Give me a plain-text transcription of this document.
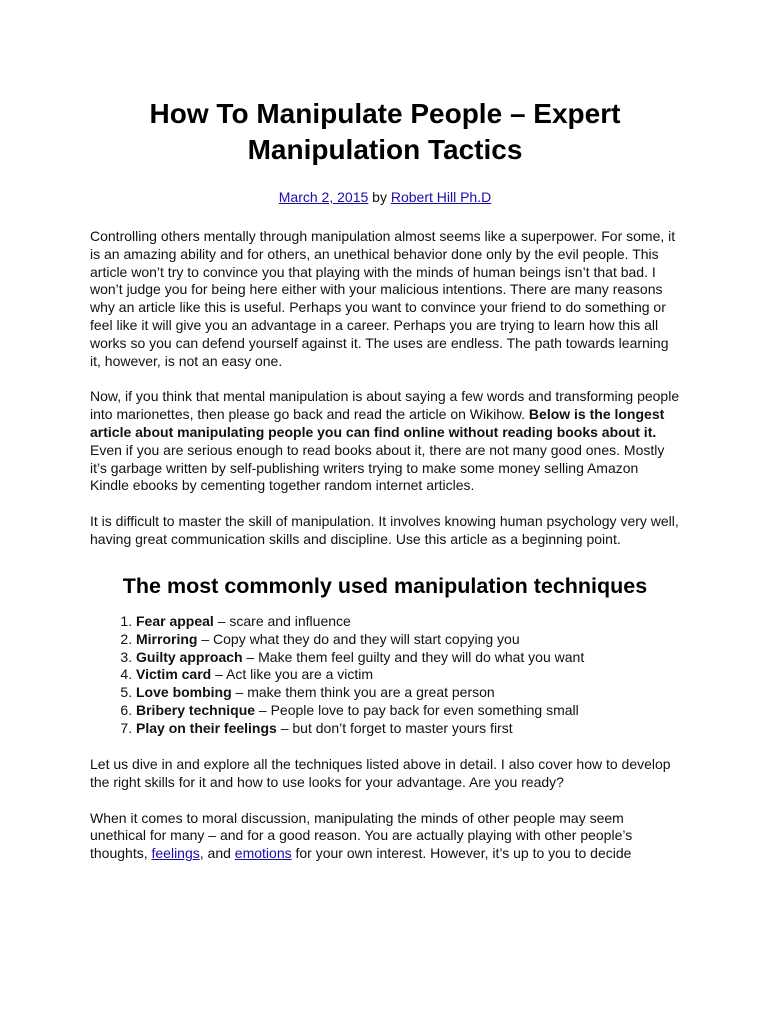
How To Manipulate People – Expert Manipulation Tactics
March 2, 2015 by Robert Hill Ph.D

Controlling others mentally through manipulation almost seems like a superpower. For some, it is an amazing ability and for others, an unethical behavior done only by the evil people. This article won’t try to convince you that playing with the minds of human beings isn’t that bad. I won’t judge you for being here either with your malicious intentions. There are many reasons why an article like this is useful. Perhaps you want to convince your friend to do something or feel like it will give you an advantage in a career. Perhaps you are trying to learn how this all works so you can defend yourself against it. The uses are endless. The path towards learning it, however, is not an easy one.

Now, if you think that mental manipulation is about saying a few words and transforming people into marionettes, then please go back and read the article on Wikihow. Below is the longest article about manipulating people you can find online without reading books about it. Even if you are serious enough to read books about it, there are not many good ones. Mostly it’s garbage written by self-publishing writers trying to make some money selling Amazon Kindle ebooks by cementing together random internet articles.

It is difficult to master the skill of manipulation. It involves knowing human psychology very well, having great communication skills and discipline. Use this article as a beginning point.

The most commonly used manipulation techniques
1. Fear appeal – scare and influence
2. Mirroring – Copy what they do and they will start copying you
3. Guilty approach – Make them feel guilty and they will do what you want
4. Victim card – Act like you are a victim
5. Love bombing – make them think you are a great person
6. Bribery technique – People love to pay back for even something small
7. Play on their feelings – but don’t forget to master yours first

Let us dive in and explore all the techniques listed above in detail. I also cover how to develop the right skills for it and how to use looks for your advantage. Are you ready?

When it comes to moral discussion, manipulating the minds of other people may seem unethical for many – and for a good reason. You are actually playing with other people’s thoughts, feelings, and emotions for your own interest. However, it’s up to you to decide
